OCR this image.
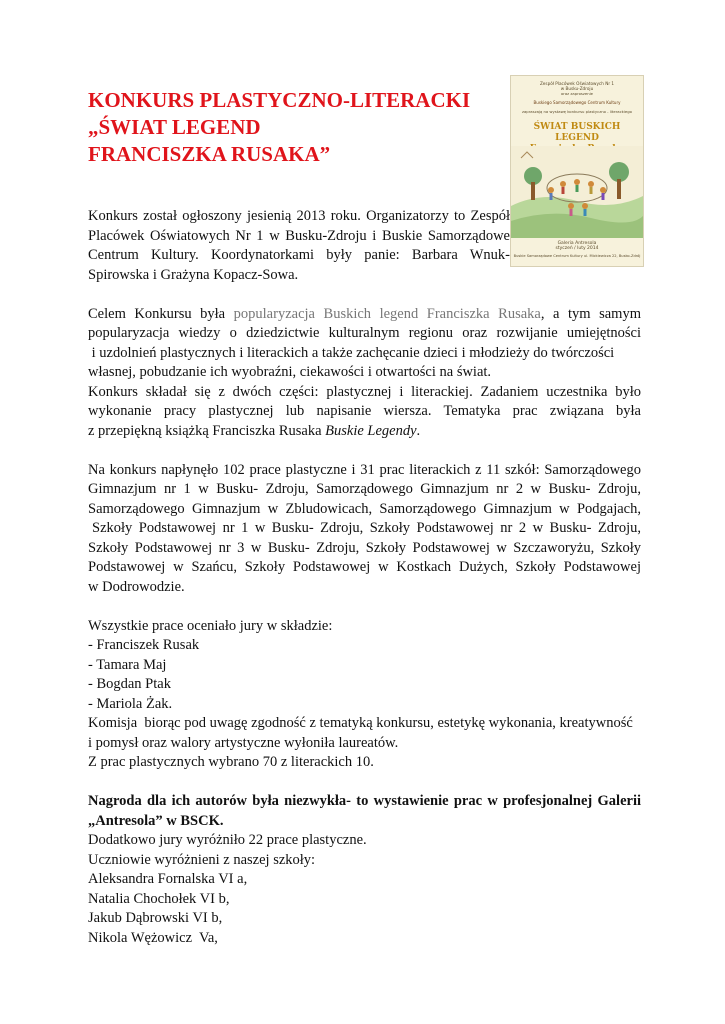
KONKURS PLASTYCZNO-LITERACKI
„ŚWIAT LEGEND
FRANCISZKA RUSAKA”
Zespół Placówek Oświatowych Nr 1
w Busku-Zdroju
oraz zaproszenie
Buskiego Samorządowego Centrum Kultury
zapraszają na wystawę konkursu plastyczno - literackiego
ŚWIAT BUSKICH LEGEND

Galeria Antresola
styczeń / luty 2014
Buskie Samorządowe Centrum Kultury ul. Mickiewicza 22, Busko-Zdrój

Konkurs został ogłoszony jesienią 2013 roku. Organizatorzy to Zespół

Placówek Oświatowych Nr 1 w Busku-Zdroju i Buskie Samorządowe

Centrum Kultury. Koordynatorkami były panie: Barbara Wnuk-

Spirowska i Grażyna Kopacz-Sowa.

Celem Konkursu była popularyzacja Buskich legend Franciszka Rusaka, a tym samym

popularyzacja wiedzy o dziedzictwie kulturalnym regionu oraz rozwijanie umiejętności

i uzdolnień plastycznych i literackich a także zachęcanie dzieci i młodzieży do twórczości

własnej, pobudzanie ich wyobraźni, ciekawości i otwartości na świat.

Konkurs składał się z dwóch części: plastycznej i literackiej. Zadaniem uczestnika było

wykonanie pracy plastycznej lub napisanie wiersza. Tematyka prac związana była

z przepiękną książką Franciszka Rusaka Buskie Legendy.

Na konkurs napłynęło 102 prace plastyczne i 31 prac literackich z 11 szkół: Samorządowego

Gimnazjum nr 1 w Busku- Zdroju, Samorządowego Gimnazjum nr 2 w Busku- Zdroju,

Samorządowego Gimnazjum w Zbludowicach, Samorządowego Gimnazjum w Podgajach,

Szkoły Podstawowej nr 1 w Busku- Zdroju, Szkoły Podstawowej nr 2 w Busku- Zdroju,

Szkoły Podstawowej nr 3 w Busku- Zdroju, Szkoły Podstawowej w Szczaworyżu, Szkoły

Podstawowej w Szańcu, Szkoły Podstawowej w Kostkach Dużych, Szkoły Podstawowej

w Dodrowodzie.

Wszystkie prace oceniało jury w składzie:

- Franciszek Rusak

- Tamara Maj

- Bogdan Ptak

- Mariola Żak.

Komisja  biorąc pod uwagę zgodność z tematyką konkursu, estetykę wykonania, kreatywność

i pomysł oraz walory artystyczne wyłoniła laureatów.

Z prac plastycznych wybrano 70 z literackich 10.

Nagroda dla ich autorów była niezwykła- to wystawienie prac w profesjonalnej Galerii

„Antresola” w BSCK.

Dodatkowo jury wyróżniło 22 prace plastyczne.

Uczniowie wyróżnieni z naszej szkoły:

Aleksandra Fornalska VI a,

Natalia Chochołek VI b,

Jakub Dąbrowski VI b,

Nikola Wężowicz  Va,
